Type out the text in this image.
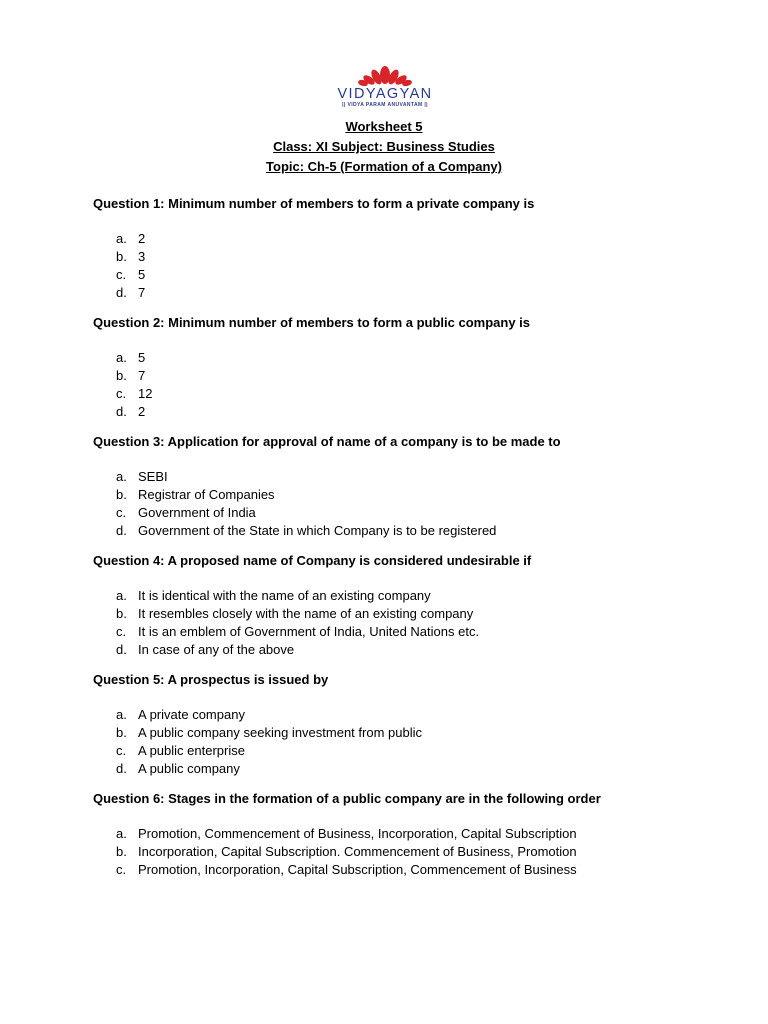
VIDYAGYAN
|| VIDYA PARAM ANUVANTAM ||

Worksheet 5

Class: XI Subject: Business Studies

Topic: Ch-5 (Formation of a Company)

Question 1: Minimum number of members to form a private company is

a. 2
b. 3
c. 5
d. 7

Question 2: Minimum number of members to form a public company is

a. 5
b. 7
c. 12
d. 2

Question 3: Application for approval of name of a company is to be made to

a. SEBI
b. Registrar of Companies
c. Government of India
d. Government of the State in which Company is to be registered

Question 4: A proposed name of Company is considered undesirable if

a. It is identical with the name of an existing company
b. It resembles closely with the name of an existing company
c. It is an emblem of Government of India, United Nations etc.
d. In case of any of the above

Question 5: A prospectus is issued by

a. A private company
b. A public company seeking investment from public
c. A public enterprise
d. A public company

Question 6: Stages in the formation of a public company are in the following order

a. Promotion, Commencement of Business, Incorporation, Capital Subscription
b. Incorporation, Capital Subscription. Commencement of Business, Promotion
c. Promotion, Incorporation, Capital Subscription, Commencement of Business
